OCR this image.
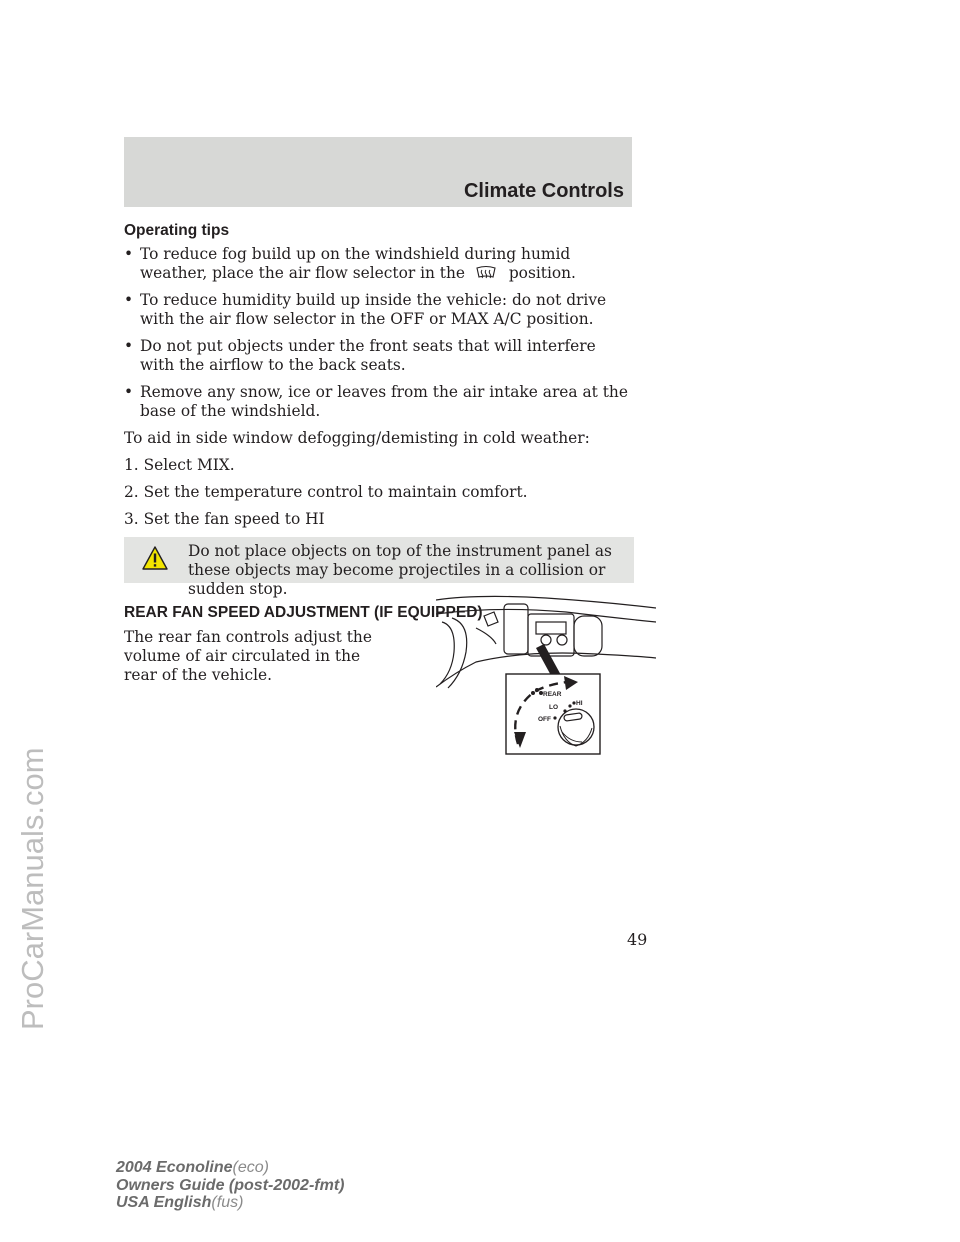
ProCarManuals.com
Climate Controls
Operating tips
• To reduce fog build up on the windshield during humid weather, place the air flow selector in the	position.
• To reduce humidity build up inside the vehicle: do not drive with the air flow selector in the OFF or MAX A/C position.
• Do not put objects under the front seats that will interfere with the airflow to the back seats.
• Remove any snow, ice or leaves from the air intake area at the base of the windshield.

To aid in side window defogging/demisting in cold weather:

1. Select MIX.

2. Set the temperature control to maintain comfort.

3. Set the fan speed to HI

Do not place objects on top of the instrument panel as these objects may become projectiles in a collision or sudden stop.
REAR FAN SPEED ADJUSTMENT (IF EQUIPPED)
The rear fan controls adjust the volume of air circulated in the rear of the vehicle.
REAR
LO
HI
OFF
49
2004 Econoline(eco)
Owners Guide (post-2002-fmt)
USA English(fus)
